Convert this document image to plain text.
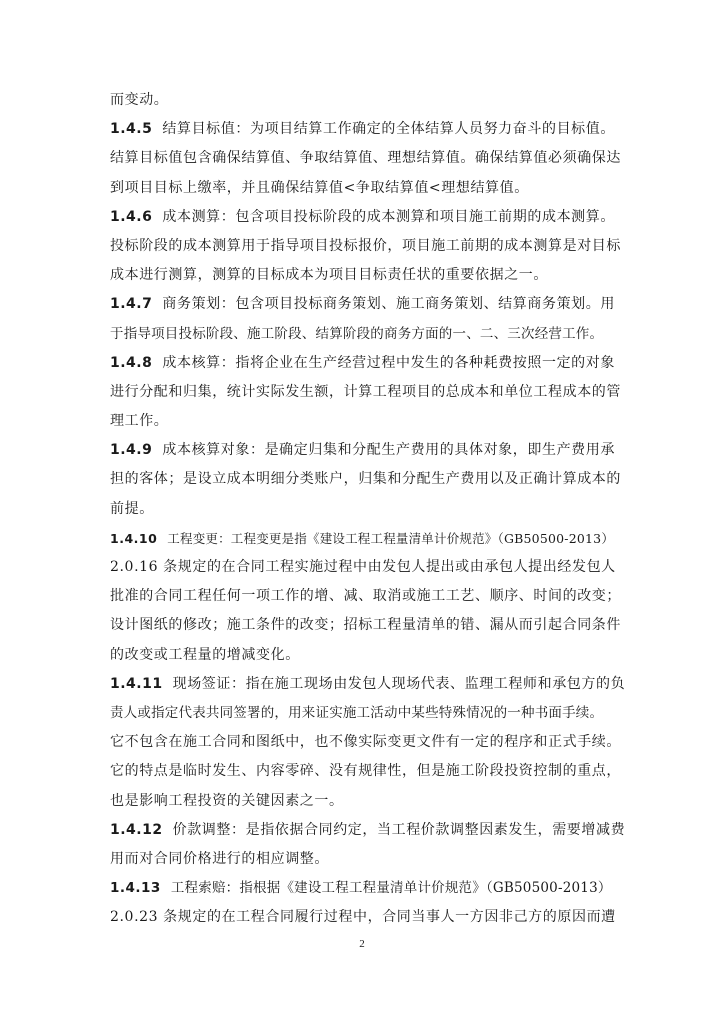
而变动。
1.4.5 结算目标值：为项目结算工作确定的全体结算人员努力奋斗的目标值。
结算目标值包含确保结算值、争取结算值、理想结算值。确保结算值必须确保达
到项目目标上缴率，并且确保结算值<争取结算值<理想结算值。
1.4.6 成本测算：包含项目投标阶段的成本测算和项目施工前期的成本测算。
投标阶段的成本测算用于指导项目投标报价，项目施工前期的成本测算是对目标
成本进行测算，测算的目标成本为项目目标责任状的重要依据之一。
1.4.7 商务策划：包含项目投标商务策划、施工商务策划、结算商务策划。用
于指导项目投标阶段、施工阶段、结算阶段的商务方面的一、二、三次经营工作。
1.4.8 成本核算：指将企业在生产经营过程中发生的各种耗费按照一定的对象
进行分配和归集，统计实际发生额，计算工程项目的总成本和单位工程成本的管
理工作。
1.4.9 成本核算对象：是确定归集和分配生产费用的具体对象，即生产费用承
担的客体；是设立成本明细分类账户，归集和分配生产费用以及正确计算成本的
前提。
1.4.10 工程变更：工程变更是指《建设工程工程量清单计价规范》（GB50500-2013）
2.0.16 条规定的在合同工程实施过程中由发包人提出或由承包人提出经发包人
批准的合同工程任何一项工作的增、减、取消或施工工艺、顺序、时间的改变；
设计图纸的修改；施工条件的改变；招标工程量清单的错、漏从而引起合同条件
的改变或工程量的增减变化。
1.4.11 现场签证：指在施工现场由发包人现场代表、监理工程师和承包方的负
责人或指定代表共同签署的，用来证实施工活动中某些特殊情况的一种书面手续。
它不包含在施工合同和图纸中，也不像实际变更文件有一定的程序和正式手续。
它的特点是临时发生、内容零碎、没有规律性，但是施工阶段投资控制的重点，
也是影响工程投资的关键因素之一。
1.4.12 价款调整：是指依据合同约定，当工程价款调整因素发生，需要增减费
用而对合同价格进行的相应调整。
1.4.13 工程索赔：指根据《建设工程工程量清单计价规范》（GB50500-2013）
2.0.23 条规定的在工程合同履行过程中，合同当事人一方因非己方的原因而遭
2
